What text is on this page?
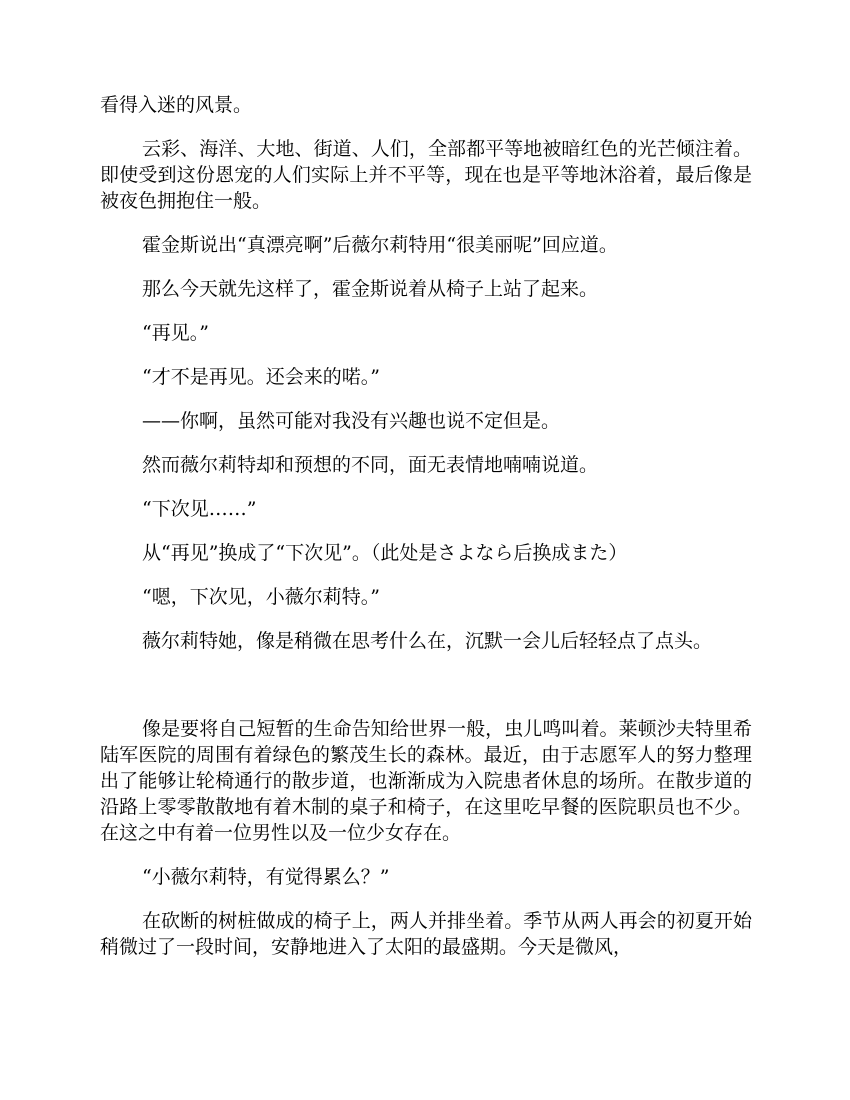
看得入迷的风景。

云彩、海洋、大地、街道、人们，全部都平等地被暗红色的光芒倾注着。即使受到这份恩宠的人们实际上并不平等，现在也是平等地沐浴着，最后像是被夜色拥抱住一般。

霍金斯说出“真漂亮啊”后薇尔莉特用“很美丽呢”回应道。

那么今天就先这样了，霍金斯说着从椅子上站了起来。

“再见。”

“才不是再见。还会来的喏。”

——你啊，虽然可能对我没有兴趣也说不定但是。

然而薇尔莉特却和预想的不同，面无表情地喃喃说道。

“下次见……”

从“再见”换成了“下次见”。（此处是さよなら后换成また）

“嗯，下次见，小薇尔莉特。”

薇尔莉特她，像是稍微在思考什么在，沉默一会儿后轻轻点了点头。

像是要将自己短暂的生命告知给世界一般，虫儿鸣叫着。莱顿沙夫特里希陆军医院的周围有着绿色的繁茂生长的森林。最近，由于志愿军人的努力整理出了能够让轮椅通行的散步道，也渐渐成为入院患者休息的场所。在散步道的沿路上零零散散地有着木制的桌子和椅子，在这里吃早餐的医院职员也不少。在这之中有着一位男性以及一位少女存在。

“小薇尔莉特，有觉得累么？”

在砍断的树桩做成的椅子上，两人并排坐着。季节从两人再会的初夏开始稍微过了一段时间，安静地进入了太阳的最盛期。今天是微风，
